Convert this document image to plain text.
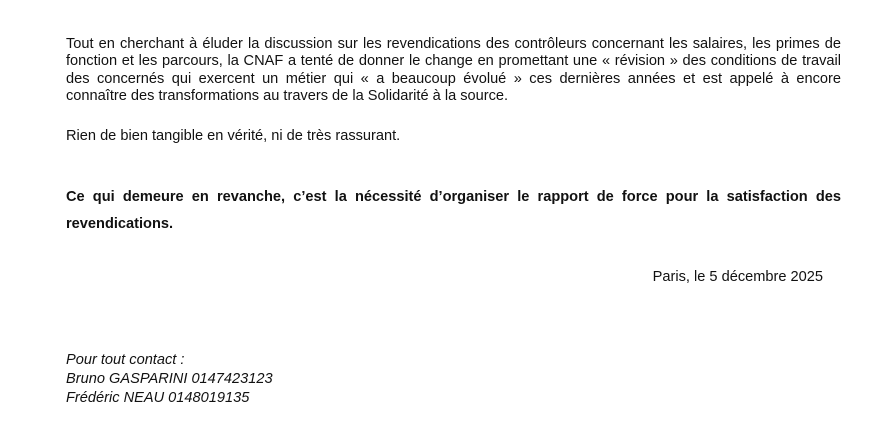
Tout en cherchant à éluder la discussion sur les revendications des contrôleurs concernant les salaires, les primes de fonction et les parcours, la CNAF a tenté de donner le change en promettant une « révision » des conditions de travail des concernés qui exercent un métier qui « a beaucoup évolué » ces dernières années et est appelé à encore connaître des transformations au travers de la Solidarité à la source.

Rien de bien tangible en vérité, ni de très rassurant.

Ce qui demeure en revanche, c’est la nécessité d’organiser le rapport de force pour la satisfaction des revendications.

Paris, le 5 décembre 2025
Pour tout contact :
Bruno GASPARINI 0147423123
Frédéric NEAU 0148019135
